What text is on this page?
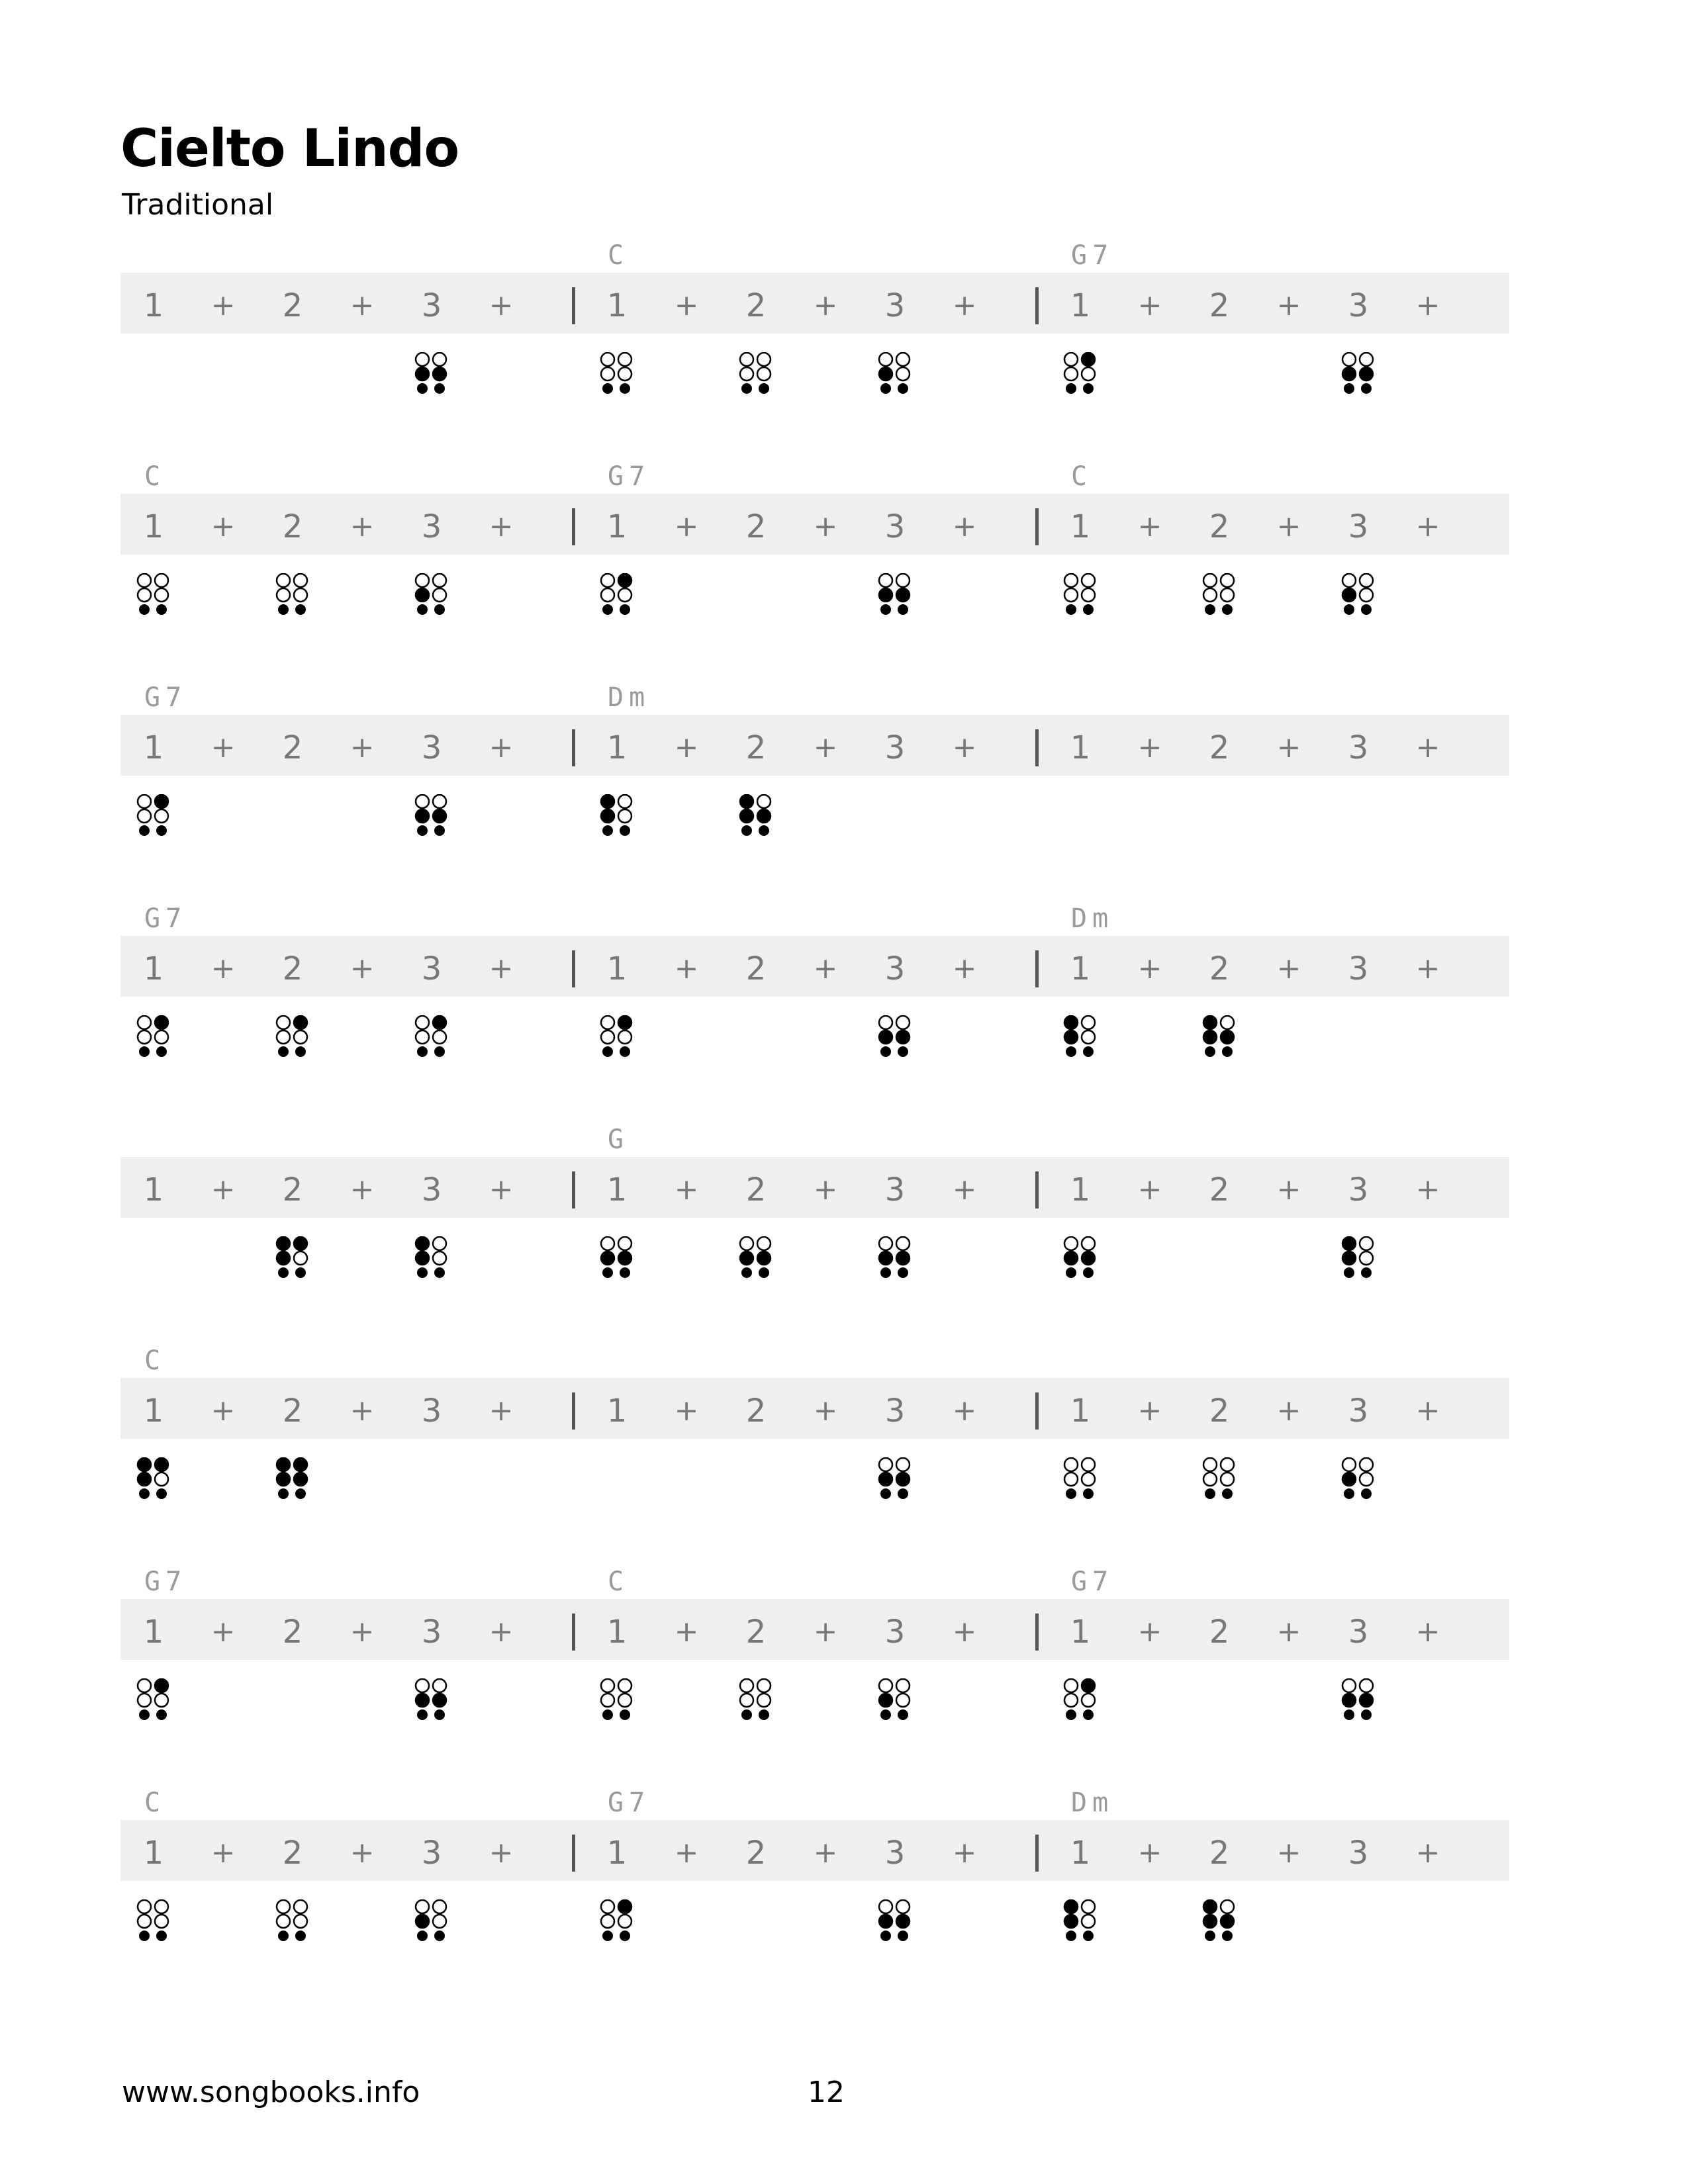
Cielto Lindo
Traditional
C	G7
1 + 2 + 3 +	1 + 2 + 3 +	1 + 2 + 3 +
C	G7	C
1 + 2 + 3 +	1 + 2 + 3 +	1 + 2 + 3 +
G7	Dm
1 + 2 + 3 +	1 + 2 + 3 +	1 + 2 + 3 +
G7	Dm
1 + 2 + 3 +	1 + 2 + 3 +	1 + 2 + 3 +
G
1 + 2 + 3 +	1 + 2 + 3 +	1 + 2 + 3 +
C
1 + 2 + 3 +	1 + 2 + 3 +	1 + 2 + 3 +
G7	C	G7
1 + 2 + 3 +	1 + 2 + 3 +	1 + 2 + 3 +
C	G7	Dm
1 + 2 + 3 +	1 + 2 + 3 +	1 + 2 + 3 +
www.songbooks.info	12
